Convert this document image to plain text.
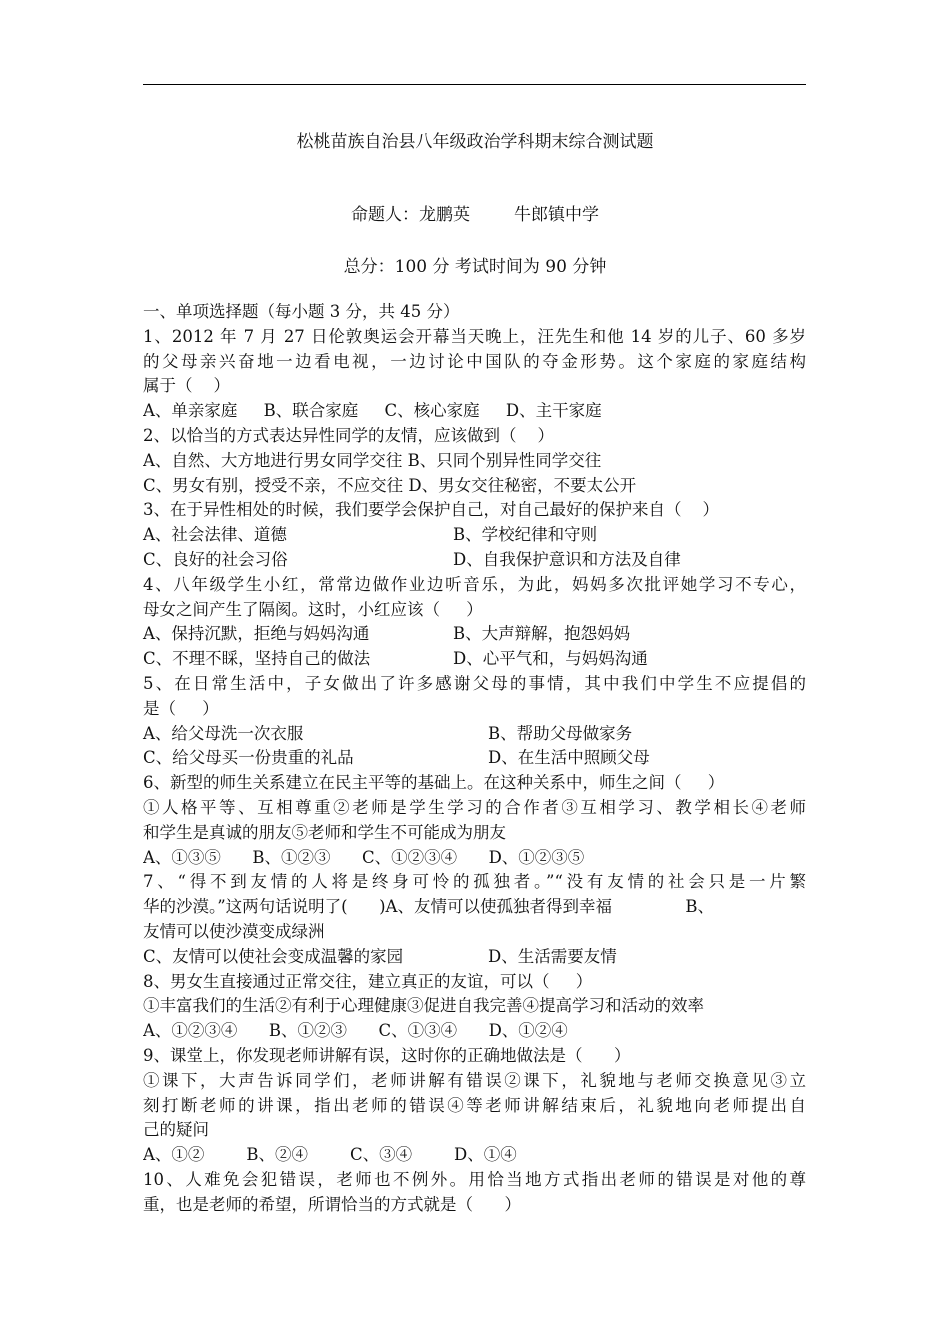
松桃苗族自治县八年级政治学科期末综合测试题
命题人：龙鹏英	牛郎镇中学
总分：100 分 考试时间为 90 分钟
一、单项选择题（每小题 3 分，共 45 分）
1、2012 年 7 月 27 日伦敦奥运会开幕当天晚上，汪先生和他 14 岁的儿子、60 多岁
的父母亲兴奋地一边看电视，一边讨论中国队的夺金形势。这个家庭的家庭结构
属于（    ）
A、单亲家庭     B、联合家庭     C、核心家庭     D、主干家庭
2、以恰当的方式表达异性同学的友情，应该做到（    ）
A、自然、大方地进行男女同学交往 B、只同个别异性同学交往
C、男女有别，授受不亲，不应交往 D、男女交往秘密，不要太公开
3、在于异性相处的时候，我们要学会保护自己，对自己最好的保护来自（    ）
A、社会法律、道德	B、学校纪律和守则
C、良好的社会习俗	D、自我保护意识和方法及自律
4、八年级学生小红，常常边做作业边听音乐，为此，妈妈多次批评她学习不专心，
母女之间产生了隔阂。这时，小红应该（     ）
A、保持沉默，拒绝与妈妈沟通	B、大声辩解，抱怨妈妈
C、不理不睬，坚持自己的做法	D、心平气和，与妈妈沟通
5、在日常生活中，子女做出了许多感谢父母的事情，其中我们中学生不应提倡的
是（     ）
A、给父母洗一次衣服	B、帮助父母做家务
C、给父母买一份贵重的礼品	D、在生活中照顾父母
6、新型的师生关系建立在民主平等的基础上。在这种关系中，师生之间（     ）
①人格平等、互相尊重②老师是学生学习的合作者③互相学习、教学相长④老师
和学生是真诚的朋友⑤老师和学生不可能成为朋友
A、①③⑤      B、①②③      C、①②③④      D、①②③⑤
7、“得不到友情的人将是终身可怜的孤独者。”“没有友情的社会只是一片繁
华的沙漠。”这两句话说明了(      )A、友情可以使孤独者得到幸福              B、
友情可以使沙漠变成绿洲
C、友情可以使社会变成温馨的家园	D、生活需要友情
8、男女生直接通过正常交往，建立真正的友谊，可以（     ）
①丰富我们的生活②有利于心理健康③促进自我完善④提高学习和活动的效率
A、①②③④      B、①②③      C、①③④      D、①②④
9、课堂上，你发现老师讲解有误，这时你的正确地做法是（      ）
①课下，大声告诉同学们，老师讲解有错误②课下，礼貌地与老师交换意见③立
刻打断老师的讲课，指出老师的错误④等老师讲解结束后，礼貌地向老师提出自
己的疑问
A、①②        B、②④        C、③④        D、①④
10、人难免会犯错误，老师也不例外。用恰当地方式指出老师的错误是对他的尊
重，也是老师的希望，所谓恰当的方式就是（      ）
